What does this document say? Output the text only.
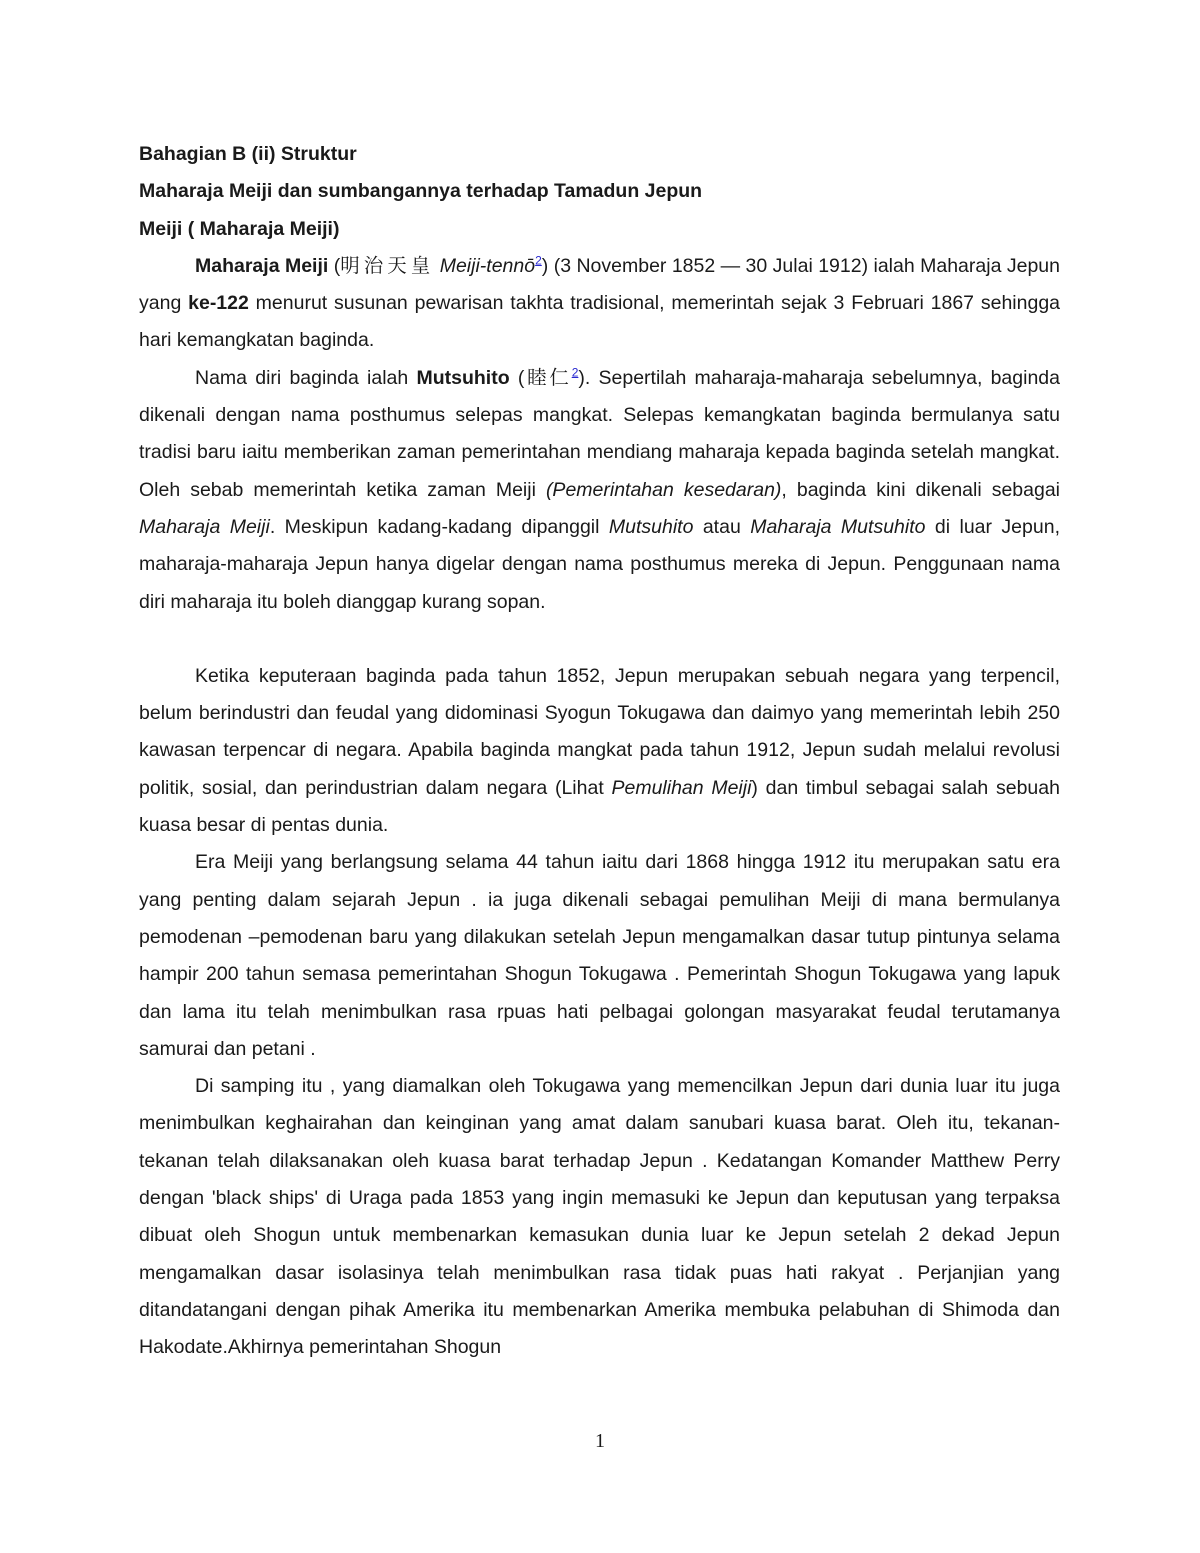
Bahagian B (ii) Struktur
Maharaja Meiji dan sumbangannya terhadap Tamadun Jepun
Meiji ( Maharaja Meiji)

Maharaja Meiji (明治天皇 Meiji-tennō$^2$) (3 November 1852 — 30 Julai 1912) ialah Maharaja Jepun yang ke-122 menurut susunan pewarisan takhta tradisional, memerintah sejak 3 Februari 1867 sehingga hari kemangkatan baginda.

Nama diri baginda ialah Mutsuhito (睦仁$^2$). Sepertilah maharaja-maharaja sebelumnya, baginda dikenali dengan nama posthumus selepas mangkat. Selepas kemangkatan baginda bermulanya satu tradisi baru iaitu memberikan zaman pemerintahan mendiang maharaja kepada baginda setelah mangkat. Oleh sebab memerintah ketika zaman Meiji (Pemerintahan kesedaran), baginda kini dikenali sebagai Maharaja Meiji. Meskipun kadang-kadang dipanggil Mutsuhito atau Maharaja Mutsuhito di luar Jepun, maharaja-maharaja Jepun hanya digelar dengan nama posthumus mereka di Jepun. Penggunaan nama diri maharaja itu boleh dianggap kurang sopan.

Ketika keputeraan baginda pada tahun 1852, Jepun merupakan sebuah negara yang terpencil, belum berindustri dan feudal yang didominasi Syogun Tokugawa dan daimyo yang memerintah lebih 250 kawasan terpencar di negara. Apabila baginda mangkat pada tahun 1912, Jepun sudah melalui revolusi politik, sosial, dan perindustrian dalam negara (Lihat Pemulihan Meiji) dan timbul sebagai salah sebuah kuasa besar di pentas dunia.

Era Meiji yang berlangsung selama 44 tahun iaitu dari 1868 hingga 1912 itu merupakan satu era yang penting dalam sejarah Jepun . ia juga dikenali sebagai pemulihan Meiji di mana bermulanya pemodenan –pemodenan baru yang dilakukan setelah Jepun mengamalkan dasar tutup pintunya selama hampir 200 tahun semasa pemerintahan Shogun Tokugawa . Pemerintah Shogun Tokugawa yang lapuk dan lama itu telah menimbulkan rasa rpuas hati pelbagai golongan masyarakat feudal terutamanya samurai dan petani .

Di samping itu , yang diamalkan oleh Tokugawa yang memencilkan Jepun dari dunia luar itu juga menimbulkan keghairahan dan keinginan yang amat dalam sanubari kuasa barat. Oleh itu, tekanan-tekanan telah dilaksanakan oleh kuasa barat terhadap Jepun . Kedatangan Komander Matthew Perry dengan 'black ships' di Uraga pada 1853 yang ingin memasuki ke Jepun dan keputusan yang terpaksa dibuat oleh Shogun untuk membenarkan kemasukan dunia luar ke Jepun setelah 2 dekad Jepun mengamalkan dasar isolasinya telah menimbulkan rasa tidak puas hati rakyat . Perjanjian yang ditandatangani dengan pihak Amerika itu membenarkan Amerika membuka pelabuhan di Shimoda dan Hakodate.Akhirnya pemerintahan Shogun

1
